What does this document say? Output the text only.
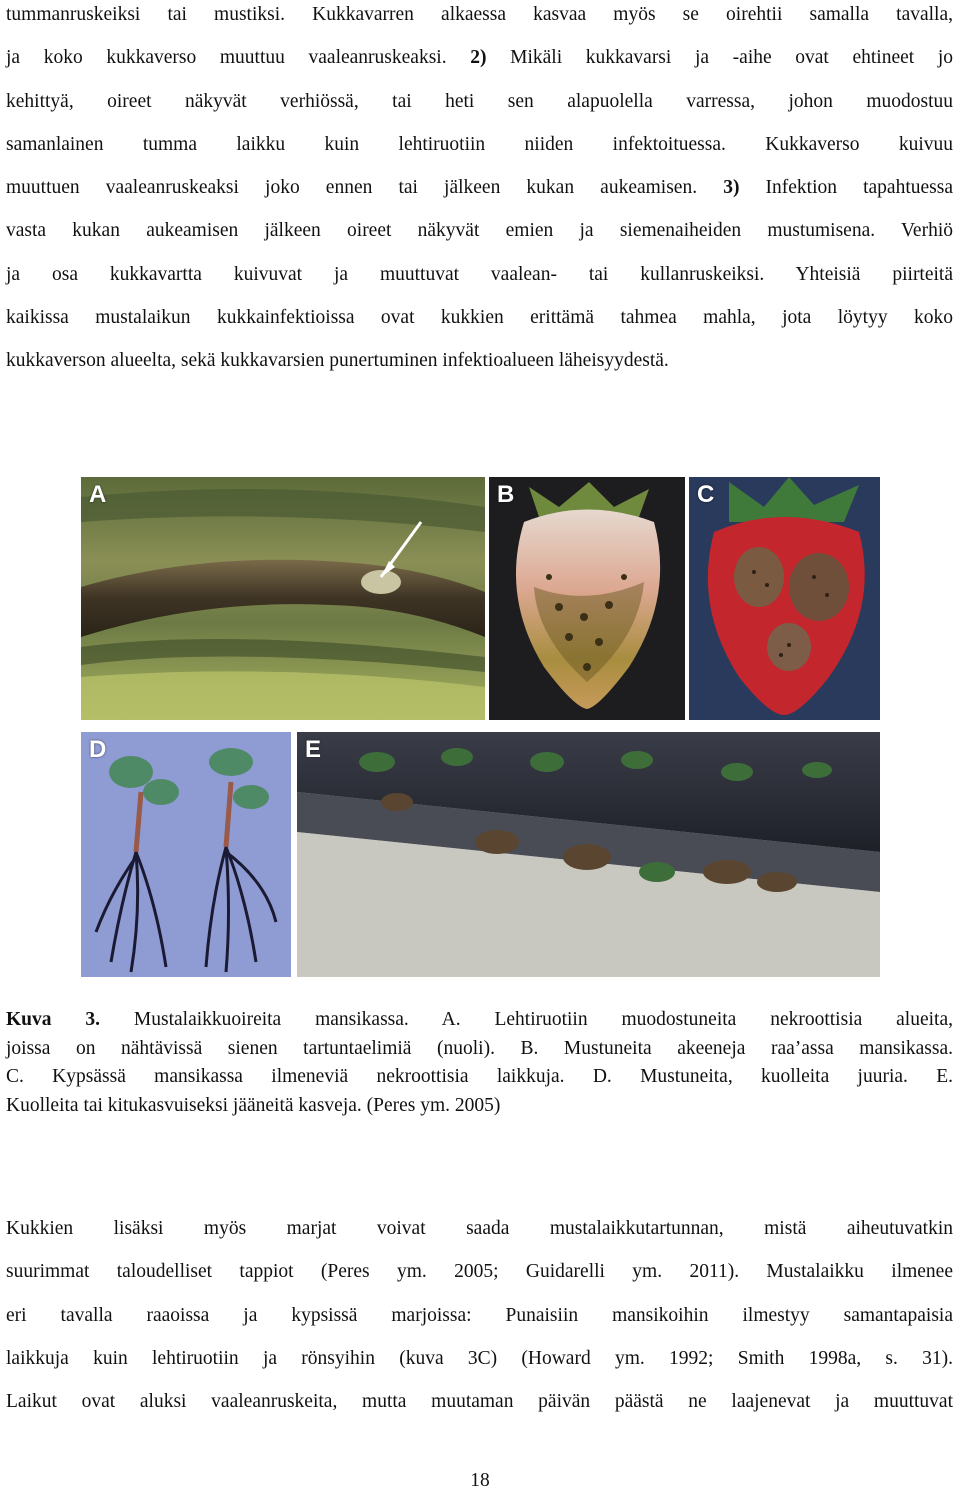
tummanruskeiksi tai mustiksi. Kukkavarren alkaessa kasvaa myös se oirehtii samalla tavalla,
ja koko kukkaverso muuttuu vaaleanruskeaksi. 2) Mikäli kukkavarsi ja -aihe ovat ehtineet jo
kehittyä, oireet näkyvät verhiössä, tai heti sen alapuolella varressa, johon muodostuu
samanlainen tumma laikku kuin lehtiruotiin niiden infektoituessa. Kukkaverso kuivuu
muuttuen vaaleanruskeaksi joko ennen tai jälkeen kukan aukeamisen. 3) Infektion tapahtuessa
vasta kukan aukeamisen jälkeen oireet näkyvät emien ja siemenaiheiden mustumisena. Verhiö
ja osa kukkavartta kuivuvat ja muuttuvat vaalean- tai kullanruskeiksi. Yhteisiä piirteitä
kaikissa mustalaikun kukkainfektioissa ovat kukkien erittämä tahmea mahla, jota löytyy koko
kukkaverson alueelta, sekä kukkavarsien punertuminen infektioalueen läheisyydestä.
A	B	C
D	E
Kuva 3. Mustalaikkuoireita mansikassa. A. Lehtiruotiin muodostuneita nekroottisia alueita,
joissa on nähtävissä sienen tartuntaelimiä (nuoli). B. Mustuneita akeeneja raa’assa mansikassa.
C. Kypsässä mansikassa ilmeneviä nekroottisia laikkuja. D. Mustuneita, kuolleita juuria. E.
Kuolleita tai kitukasvuiseksi jääneitä kasveja. (Peres ym. 2005)
Kukkien lisäksi myös marjat voivat saada mustalaikkutartunnan, mistä aiheutuvatkin
suurimmat taloudelliset tappiot (Peres ym. 2005; Guidarelli ym. 2011). Mustalaikku ilmenee
eri tavalla raaoissa ja kypsissä marjoissa: Punaisiin mansikoihin ilmestyy samantapaisia
laikkuja kuin lehtiruotiin ja rönsyihin (kuva 3C) (Howard ym. 1992; Smith 1998a, s. 31).
Laikut ovat aluksi vaaleanruskeita, mutta muutaman päivän päästä ne laajenevat ja muuttuvat
18
